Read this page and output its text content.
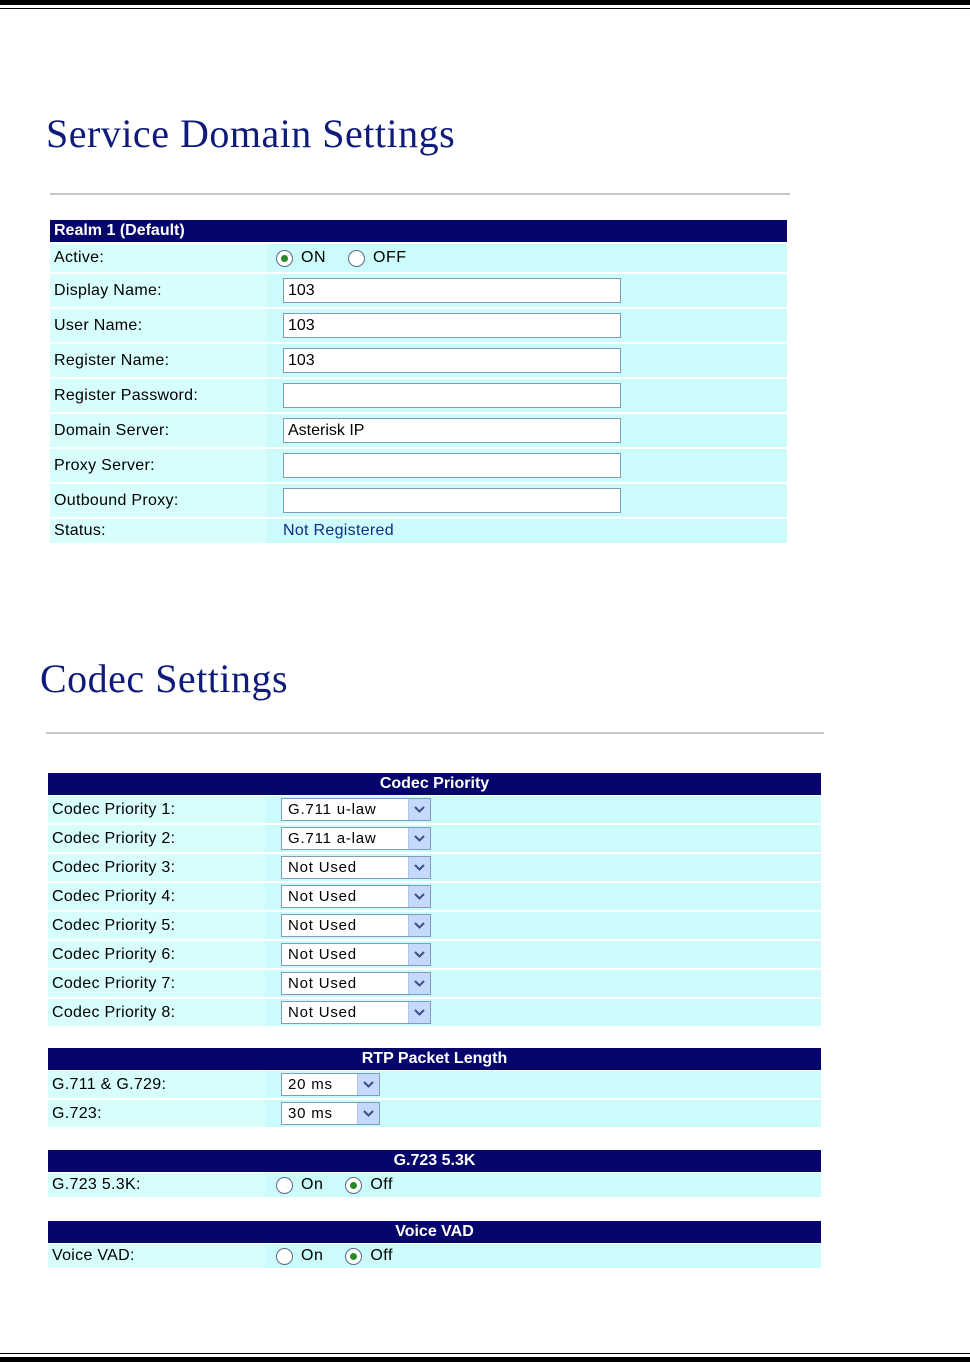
Service Domain Settings
Realm 1 (Default)
Active:	ON	OFF
Display Name:	103
User Name:	103
Register Name:	103
Register Password:
Domain Server:	Asterisk IP
Proxy Server:
Outbound Proxy:
Status:	Not Registered
Codec Settings
Codec Priority
Codec Priority 1:	G.711 u-law
Codec Priority 2:	G.711 a-law
Codec Priority 3:	Not Used
Codec Priority 4:	Not Used
Codec Priority 5:	Not Used
Codec Priority 6:	Not Used
Codec Priority 7:	Not Used
Codec Priority 8:	Not Used
RTP Packet Length
G.711 & G.729:	20 ms
G.723:	30 ms
G.723 5.3K
G.723 5.3K:	On	Off
Voice VAD
Voice VAD:	On	Off
